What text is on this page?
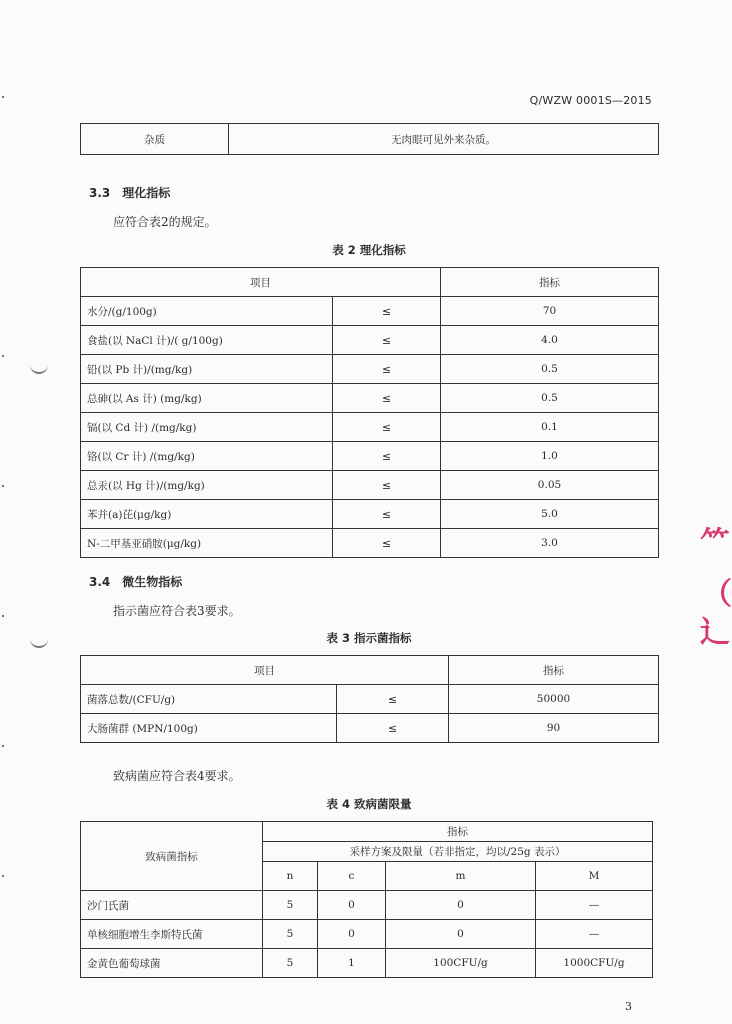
⺮
（
辶
Q/WZW 0001S—2015
杂质	无肉眼可见外来杂质。
3.3　理化指标
应符合表2的规定。
表 2 理化指标
项目		指标
水分/(g/100g)	≤	70
食盐(以 NaCl 计)/( g/100g)	≤	4.0
铅(以 Pb 计)/(mg/kg)	≤	0.5
总砷(以 As 计) (mg/kg)	≤	0.5
镉(以 Cd 计) /(mg/kg)	≤	0.1
铬(以 Cr 计) /(mg/kg)	≤	1.0
总汞(以 Hg 计)/(mg/kg)	≤	0.05
苯并(a)芘(μg/kg)	≤	5.0
N-二甲基亚硝胺(μg/kg)	≤	3.0
3.4　微生物指标
指示菌应符合表3要求。
表 3 指示菌指标
项目		指标
菌落总数/(CFU/g)	≤	50000
大肠菌群 (MPN/100g)	≤	90
致病菌应符合表4要求。
表 4 致病菌限量
致病菌指标	指标			
	采样方案及限量（若非指定，均以/25g 表示）			
	n	c	m	M
沙门氏菌	5	0	0	—
单核细胞增生李斯特氏菌	5	0	0	—
金黄色葡萄球菌	5	1	100CFU/g	1000CFU/g
3
